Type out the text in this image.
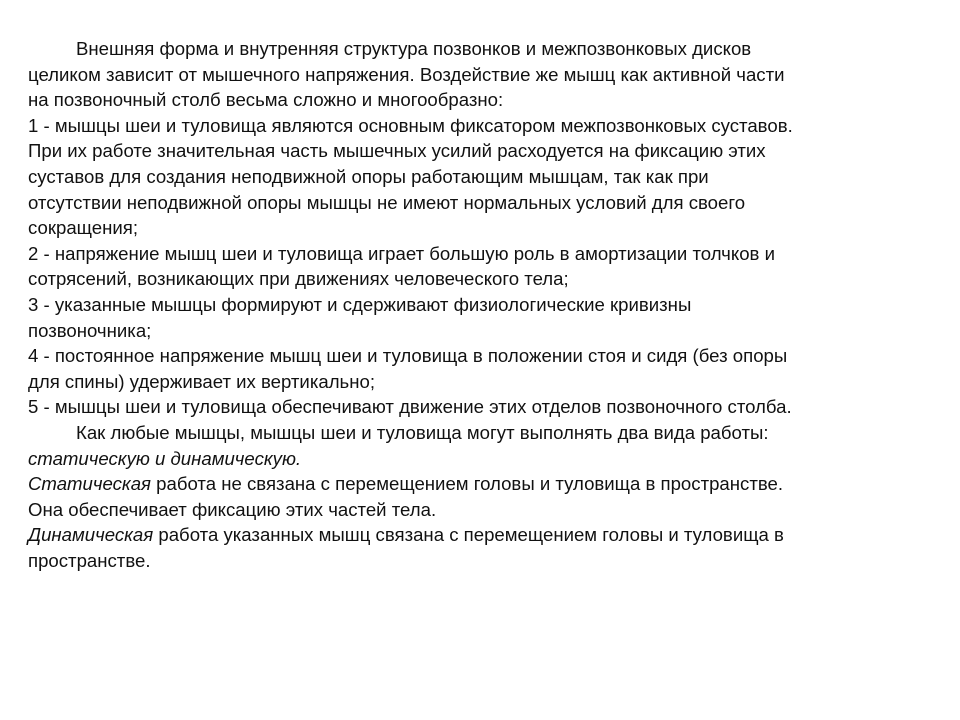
Внешняя форма и внутренняя структура позвонков и межпозвонковых дисков
целиком зависит от мышечного напряжения. Воздействие же мышц как активной части
на позвоночный столб весьма сложно и многообразно:
1 - мышцы шеи и туловища являются основным фиксатором межпозвонковых суставов.
При их работе значительная часть мышечных усилий расходуется на фиксацию этих
суставов для создания неподвижной опоры работающим мышцам, так как при
отсутствии неподвижной опоры мышцы не имеют нормальных условий для своего
сокращения;
2 - напряжение мышц шеи и туловища играет большую роль в амортизации толчков и
сотрясений, возникающих при движениях человеческого тела;
3 - указанные мышцы формируют и сдерживают физиологические кривизны
позвоночника;
4 - постоянное напряжение мышц шеи и туловища в положении стоя и сидя (без опоры
для спины) удерживает их вертикально;
5 - мышцы шеи и туловища обеспечивают движение этих отделов позвоночного столба.
Как любые мышцы, мышцы шеи и туловища могут выполнять два вида работы:
статическую и динамическую.
Статическая работа не связана с перемещением головы и туловища в пространстве.
Она обеспечивает фиксацию этих частей тела.
Динамическая работа указанных мышц связана с перемещением головы и туловища в
пространстве.
